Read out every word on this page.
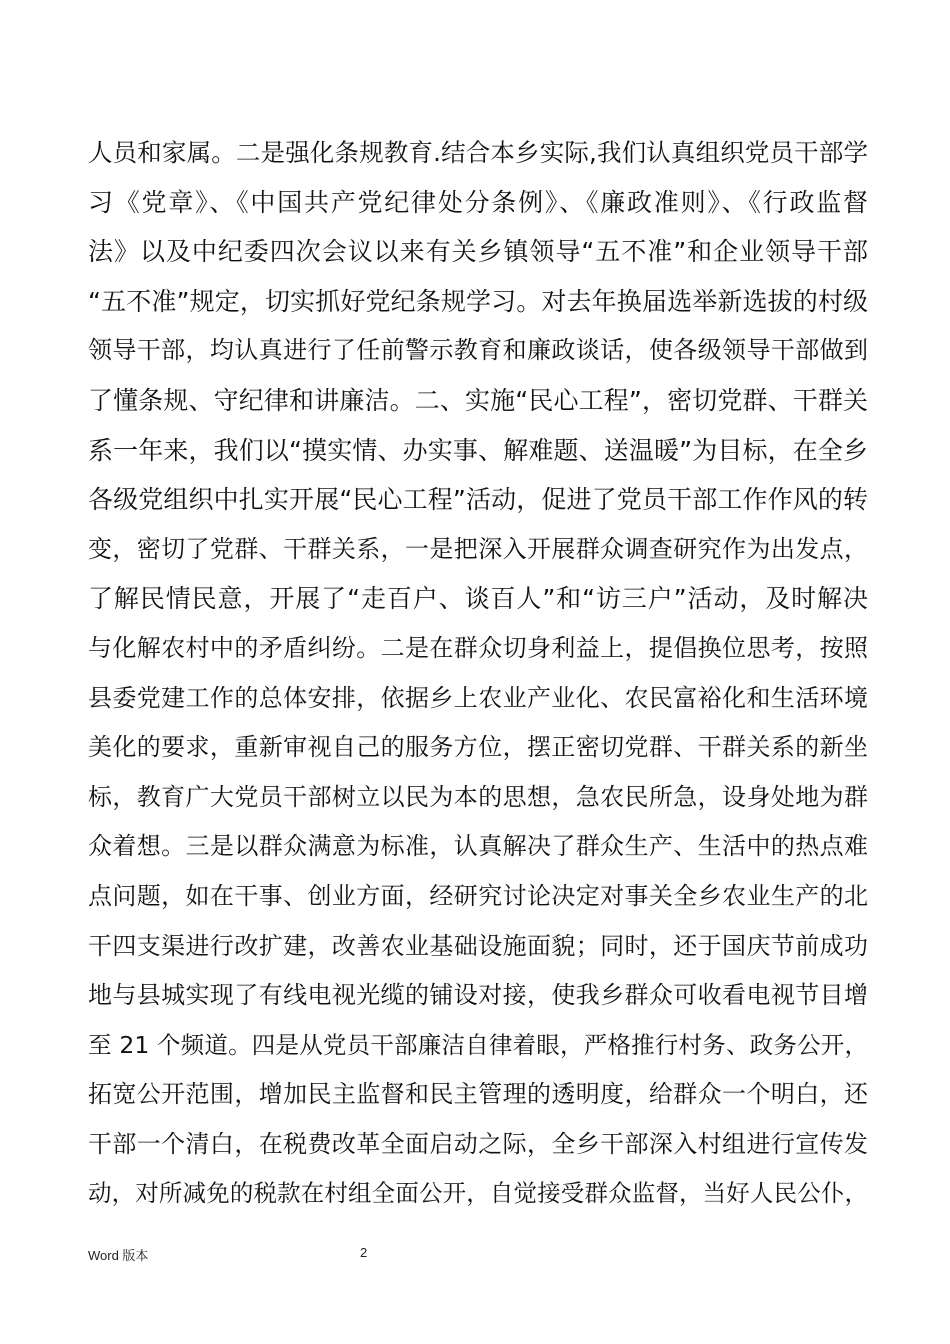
人员和家属。二是强化条规教育.结合本乡实际,我们认真组织党员干部学
习《党章》、《中国共产党纪律处分条例》、《廉政准则》、《行政监督
法》以及中纪委四次会议以来有关乡镇领导“五不准”和企业领导干部
“五不准”规定，切实抓好党纪条规学习。对去年换届选举新选拔的村级
领导干部，均认真进行了任前警示教育和廉政谈话，使各级领导干部做到
了懂条规、守纪律和讲廉洁。二、实施“民心工程”，密切党群、干群关
系一年来，我们以“摸实情、办实事、解难题、送温暖”为目标，在全乡
各级党组织中扎实开展“民心工程”活动，促进了党员干部工作作风的转
变，密切了党群、干群关系，一是把深入开展群众调查研究作为出发点，
了解民情民意，开展了“走百户、谈百人”和“访三户”活动，及时解决
与化解农村中的矛盾纠纷。二是在群众切身利益上，提倡换位思考，按照
县委党建工作的总体安排，依据乡上农业产业化、农民富裕化和生活环境
美化的要求，重新审视自己的服务方位，摆正密切党群、干群关系的新坐
标，教育广大党员干部树立以民为本的思想，急农民所急，设身处地为群
众着想。三是以群众满意为标准，认真解决了群众生产、生活中的热点难
点问题，如在干事、创业方面，经研究讨论决定对事关全乡农业生产的北
干四支渠进行改扩建，改善农业基础设施面貌；同时，还于国庆节前成功
地与县城实现了有线电视光缆的铺设对接，使我乡群众可收看电视节目增
至 21 个频道。四是从党员干部廉洁自律着眼，严格推行村务、政务公开，
拓宽公开范围，增加民主监督和民主管理的透明度，给群众一个明白，还
干部一个清白，在税费改革全面启动之际，全乡干部深入村组进行宣传发
动，对所减免的税款在村组全面公开，自觉接受群众监督，当好人民公仆，
Word 版本	2
